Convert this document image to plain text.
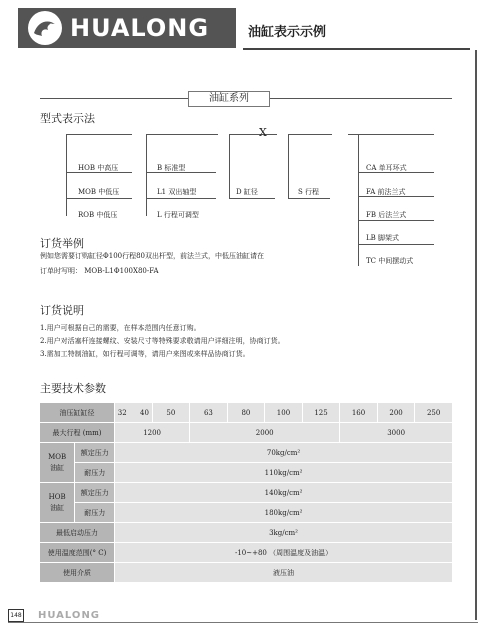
HUALONG	油缸表示示例
油缸系列
型式表示法
X
HOB 中高压
MOB 中低压
ROB 中低压
B 标准型
L1 双出轴型
L 行程可调型
D 缸径	S 行程
CA 单耳环式
FA 前法兰式
FB 后法兰式
LB 脚架式
TC 中间摆动式
订货举例
例如您需要订购缸径Φ100行程80双出杆型，前法兰式，中低压油缸请在
订单时写明： MOB-L1Φ100X80-FA
订货说明
1.用户可根据自己的需要，在样本范围内任意订购。
2.用户对活塞杆连接螺纹、安装尺寸等特殊要求敬请用户详细注明，协商订货。
3.需加工特制油缸，如行程可调等，请用户来图或来样品协商订货。
主要技术参数
油压缸缸径		32 40	50	63	80	100	125	160	200	250
最大行程 (mm)		1200		2000				3000		
MOB
油缸	额定压力	70kg/cm²								
	耐压力	110kg/cm²								
HOB
油缸	额定压力	140kg/cm²								
	耐压力	180kg/cm²								
最低启动压力		3kg/cm²								
使用温度范围(° C)		-10~+80 （周围温度及油温）								
使用介质		液压油								
148 HUALONG
